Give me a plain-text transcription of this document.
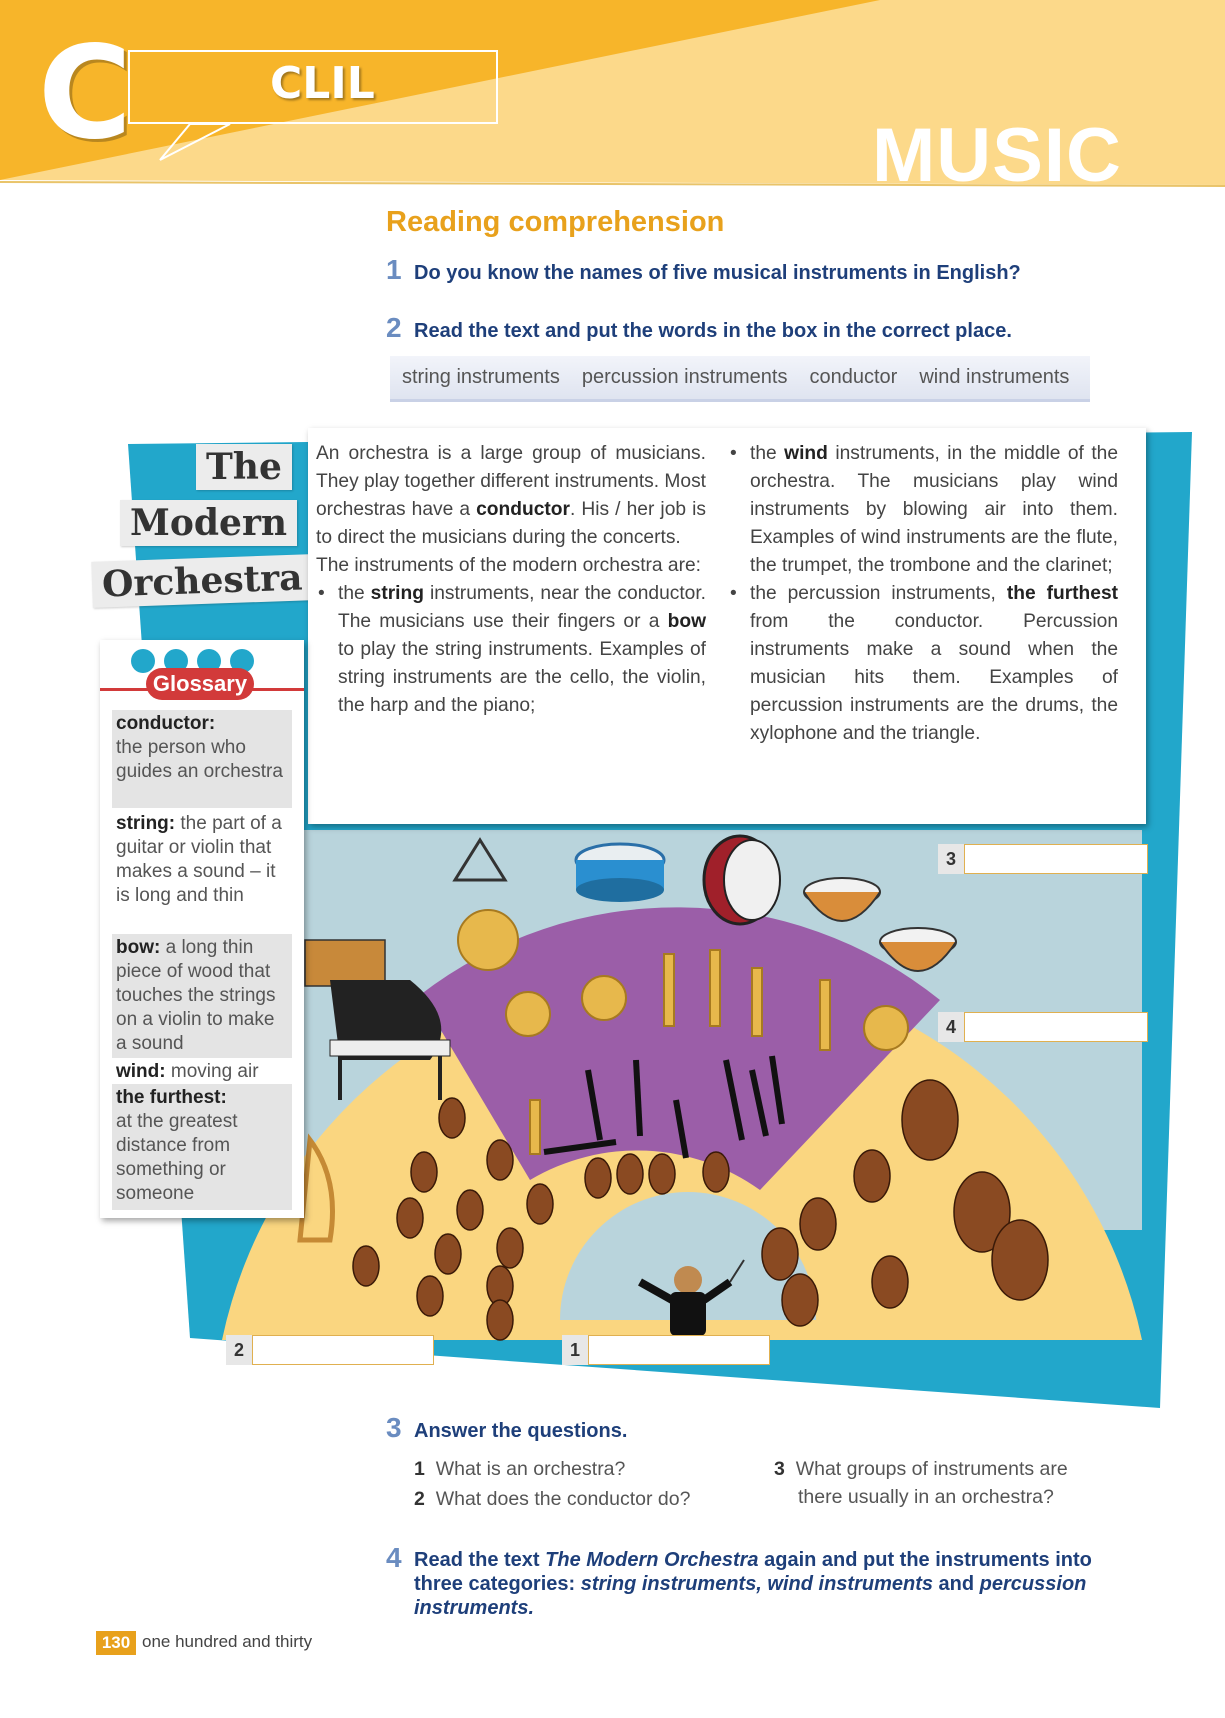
C	CLIL
MUSIC
Reading comprehension
1 Do you know the names of five musical instruments in English?
2 Read the text and put the words in the box in the correct place.
string instruments percussion instruments conductor wind instruments
The
Modern
Orchestra

An orchestra is a large group of musicians. They play together different instruments. Most orchestras have a conductor. His / her job is to direct the musicians during the concerts.

The instruments of the modern orchestra are:

• the string instruments, near the conductor. The musicians use their fingers or a bow to play the string instruments. Examples of string instruments are the cello, the violin, the harp and the piano;
• the wind instruments, in the middle of the orchestra. The musicians play wind instruments by blowing air into them. Examples of wind instruments are the flute, the trumpet, the trombone and the clarinet;
• the percussion instruments, the furthest from the conductor. Percussion instruments make a sound when the musician hits them. Examples of percussion instruments are the drums, the xylophone and the triangle.
Glossary
conductor:
the person who guides an orchestra
string: the part of a guitar or violin that makes a sound – it is long and thin
bow: a long thin piece of wood that touches the strings on a violin to make a sound
wind: moving air
the furthest:
at the greatest distance from something or someone
3
4
2	1
3 Answer the questions.
1 What is an orchestra?
2 What does the conductor do?
3 What groups of instruments are
there usually in an orchestra?
4 Read the text The Modern Orchestra again and put the instruments into
three categories: string instruments, wind instruments and percussion
instruments.
130 one hundred and thirty
